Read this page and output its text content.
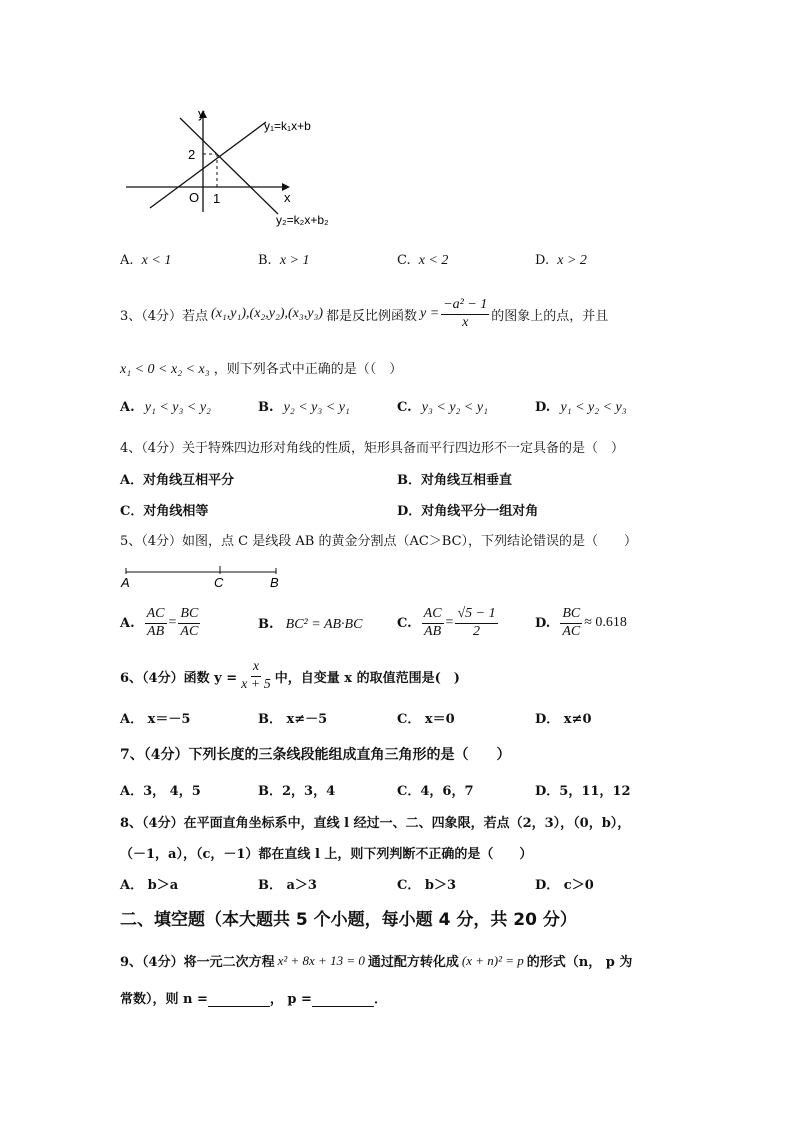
y
x
O
2
1
y₁=k₁x+b
y₂=k₂x+b₂
A. x < 1	B. x > 1	C. x < 2	D. x > 2
3、（4分）若点 (x₁,y₁),(x₂,y₂),(x₃,y₃) 都是反比例函数 $y = \frac{\text{−a² − 1}}{x}$ 的图象上的点，并且
x₁ < 0 < x₂ < x₃ ，则下列各式中正确的是（（　）
A. y₁ < y₃ < y₂	B. y₂ < y₃ < y₁	C. y₃ < y₂ < y₁	D. y₁ < y₂ < y₃
4、（4分）关于特殊四边形对角线的性质，矩形具备而平行四边形不一定具备的是（　）
A．对角线互相平分	B．对角线互相垂直
C．对角线相等	D．对角线平分一组对角
5、（4分）如图，点 C 是线段 AB 的黄金分割点（AC＞BC），下列结论错误的是（　　）
A	C	B
A. $\frac{AC}{AB} = \frac{BC}{AC}$	B. BC² = AB·BC	C. $\frac{AC}{AB} = \frac{√5 - 1}{2}$	D. $\frac{BC}{AC} \approx 0.618$
6、（4分）函数 $y = \frac{x}{x + 5}$ 中，自变量 x 的取值范围是(　)
A． x＝－5	B． x≠－5	C． x＝0	D． x≠0
7、（4分）下列长度的三条线段能组成直角三角形的是（　　）
A．3， 4，5	B．2，3，4	C．4，6，7	D．5，11，12
8、（4分）在平面直角坐标系中，直线 l 经过一、二、四象限，若点（2，3），（0，b），
（－1，a），（c，－1）都在直线 l 上，则下列判断不正确的是（　　）
A． b＞a	B． a＞3	C． b＞3	D． c＞0
二、填空题（本大题共 5 个小题，每小题 4 分，共 20 分）
9、（4分）将一元二次方程 x² + 8x + 13 = 0 通过配方转化成 (x + n)² = p 的形式（n， p 为
常数），则 n =	， p =	．
